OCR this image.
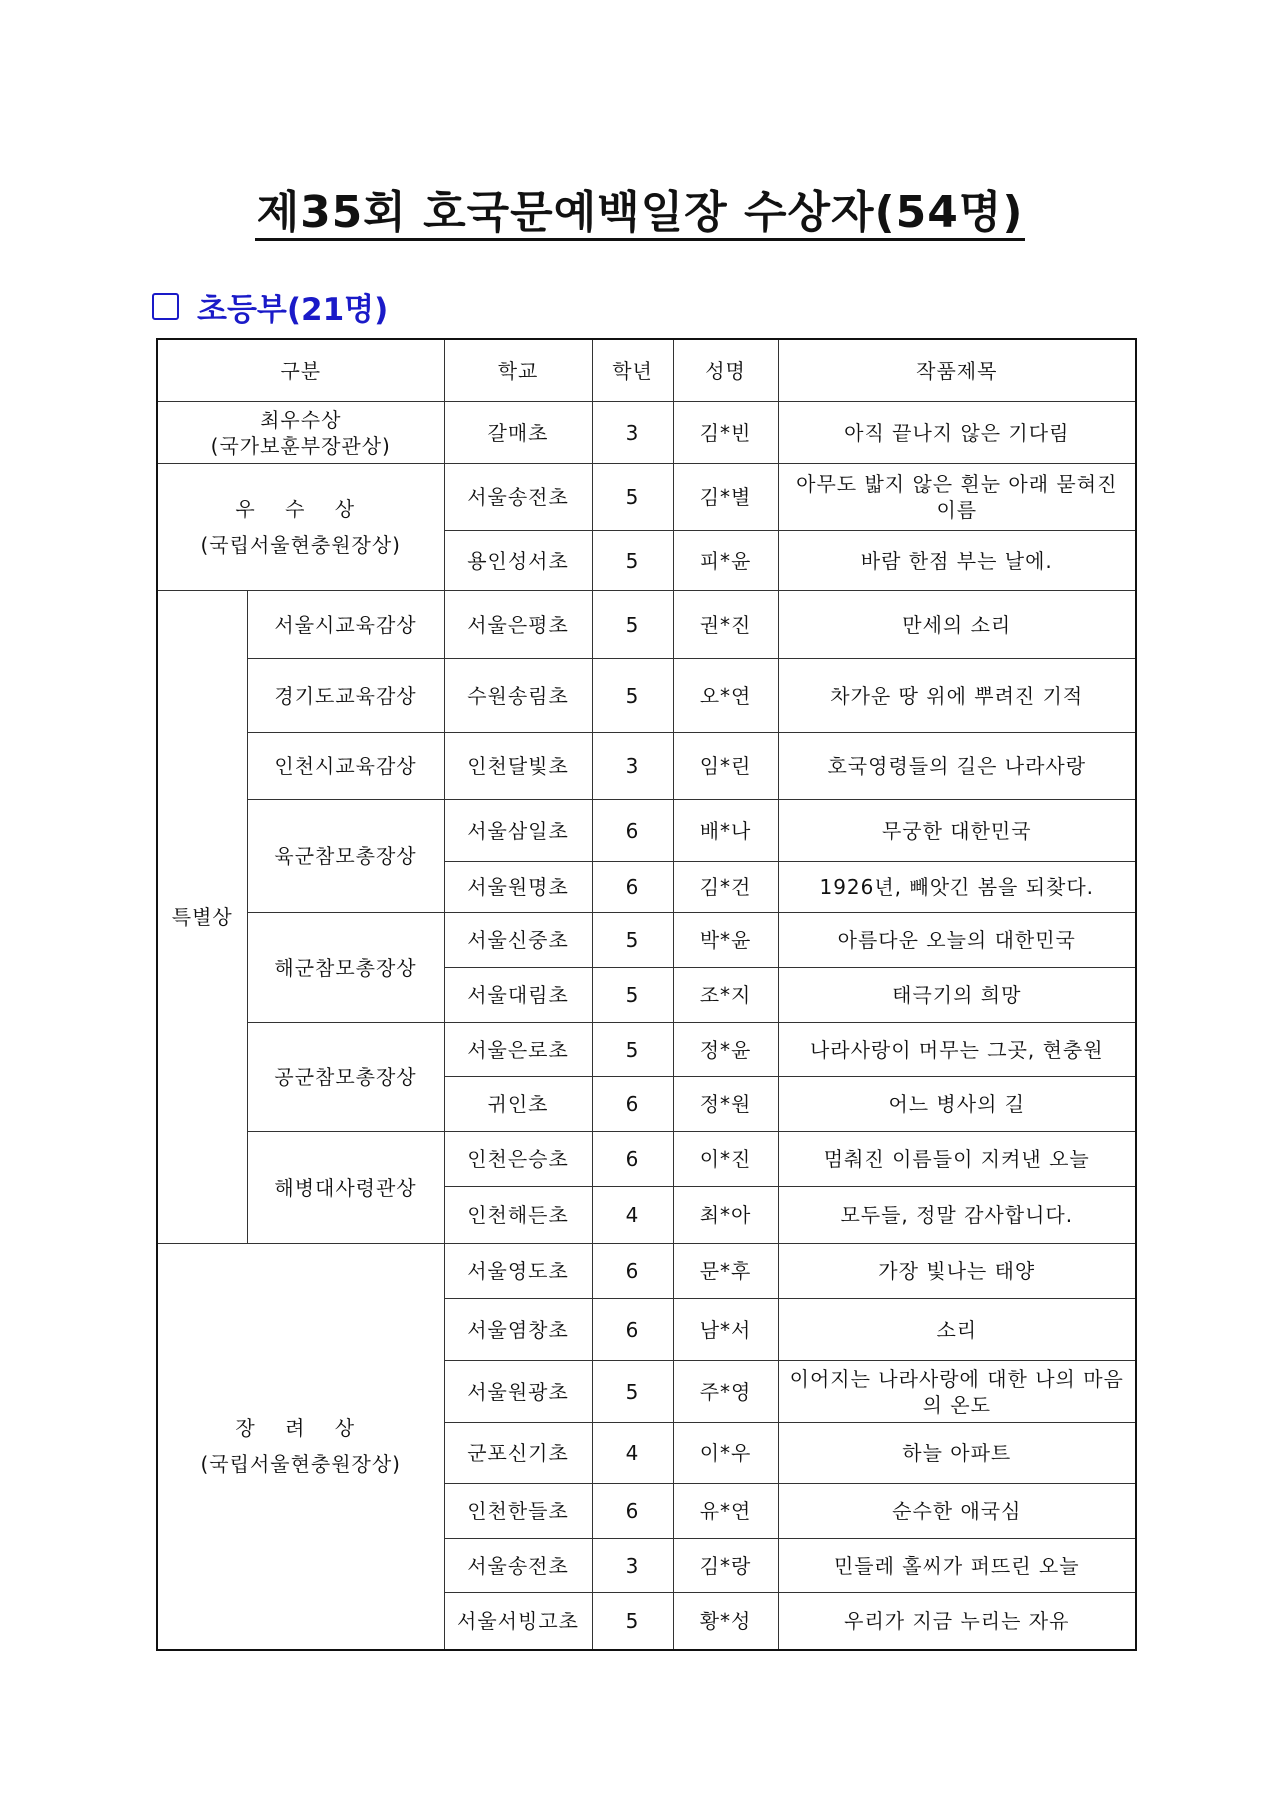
제35회 호국문예백일장 수상자(54명)
초등부(21명)
구분		학교	학년	성명	작품제목

최우수상
(국가보훈부장관상)		갈매초	3	김*빈	아직 끝나지 않은 기다림

우 수 상
(국립서울현충원장상)		서울송전초	5	김*별	아무도 밟지 않은 흰눈 아래 묻혀진 이름
		용인성서초	5	피*윤	바람 한점 부는 날에.
특별상	서울시교육감상	서울은평초	5	권*진	만세의 소리
	경기도교육감상	수원송림초	5	오*연	차가운 땅 위에 뿌려진 기적
	인천시교육감상	인천달빛초	3	임*린	호국영령들의 길은 나라사랑
	육군참모총장상	서울삼일초	6	배*나	무궁한 대한민국
		서울원명초	6	김*건	1926년, 빼앗긴 봄을 되찾다.
	해군참모총장상	서울신중초	5	박*윤	아름다운 오늘의 대한민국
		서울대림초	5	조*지	태극기의 희망
	공군참모총장상	서울은로초	5	정*윤	나라사랑이 머무는 그곳, 현충원
		귀인초	6	정*원	어느 병사의 길
	해병대사령관상	인천은승초	6	이*진	멈춰진 이름들이 지켜낸 오늘
		인천해든초	4	최*아	모두들, 정말 감사합니다.

장 려 상
(국립서울현충원장상)		서울영도초	6	문*후	가장 빛나는 태양
		서울염창초	6	남*서	소리
		서울원광초	5	주*영	이어지는 나라사랑에 대한 나의 마음의 온도
		군포신기초	4	이*우	하늘 아파트
		인천한들초	6	유*연	순수한 애국심
		서울송전초	3	김*랑	민들레 홀씨가 퍼뜨린 오늘
		서울서빙고초	5	황*성	우리가 지금 누리는 자유
